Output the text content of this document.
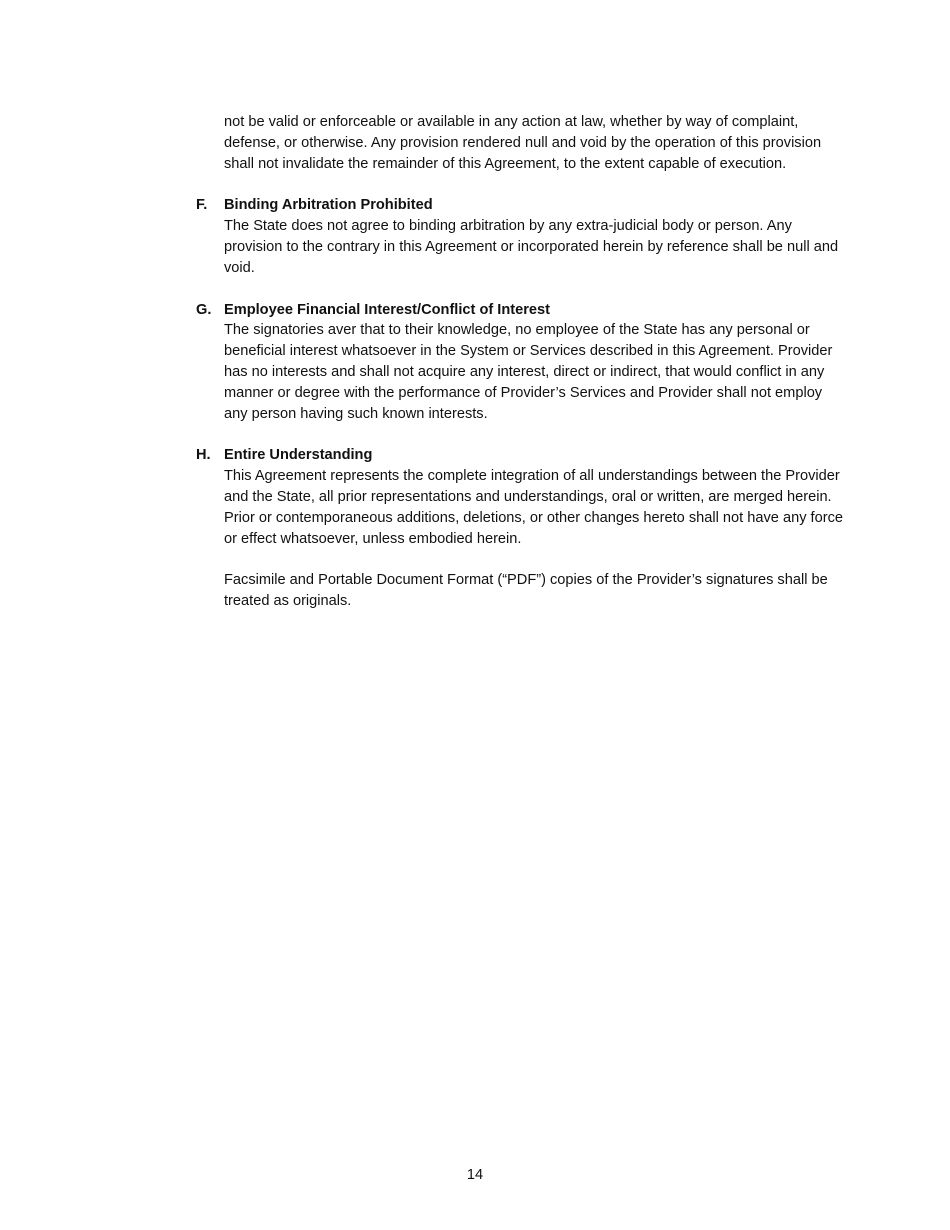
not be valid or enforceable or available in any action at law, whether by way of complaint, defense, or otherwise. Any provision rendered null and void by the operation of this provision shall not invalidate the remainder of this Agreement, to the extent capable of execution.

F.	Binding Arbitration Prohibited
The State does not agree to binding arbitration by any extra-judicial body or person. Any provision to the contrary in this Agreement or incorporated herein by reference shall be null and void.
G. Employee Financial Interest/Conflict of Interest
The signatories aver that to their knowledge, no employee of the State has any personal or beneficial interest whatsoever in the System or Services described in this Agreement. Provider has no interests and shall not acquire any interest, direct or indirect, that would conflict in any manner or degree with the performance of Provider’s Services and Provider shall not employ any person having such known interests.
H. Entire Understanding
This Agreement represents the complete integration of all understandings between the Provider and the State, all prior representations and understandings, oral or written, are merged herein. Prior or contemporaneous additions, deletions, or other changes hereto shall not have any force or effect whatsoever, unless embodied herein.

Facsimile and Portable Document Format (“PDF”) copies of the Provider’s signatures shall be treated as originals.

14
